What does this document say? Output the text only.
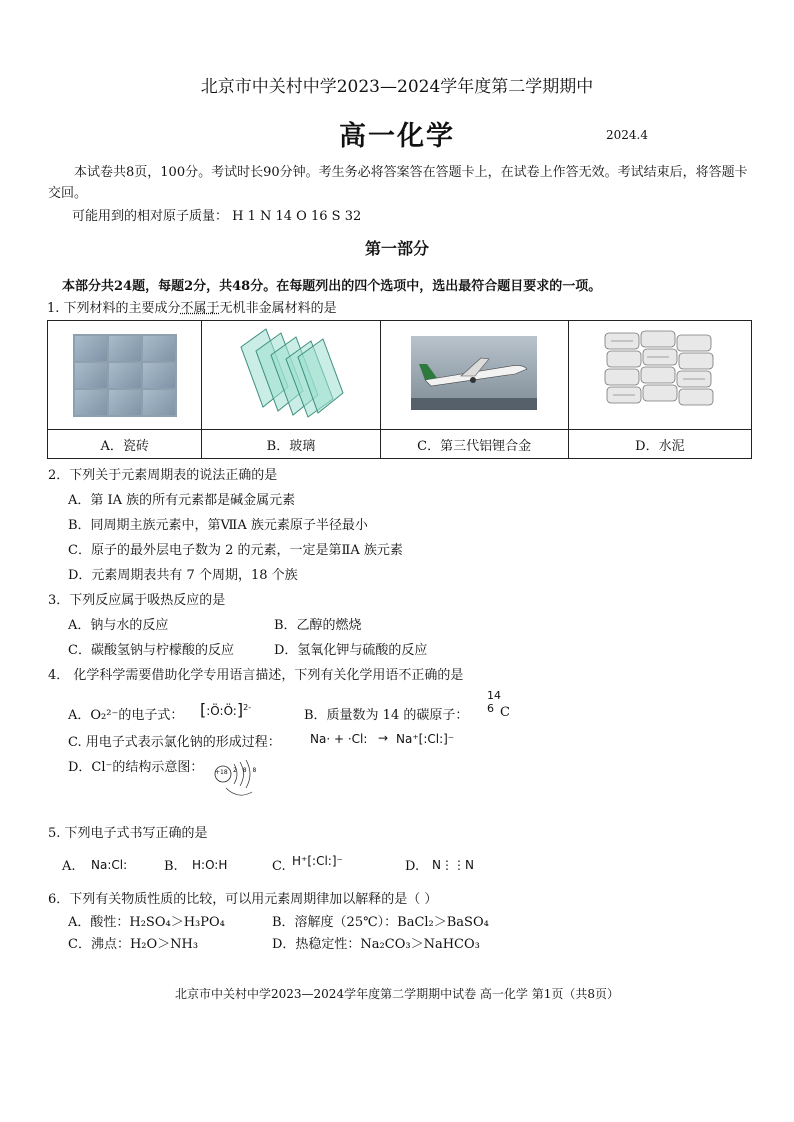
北京市中关村中学2023—2024学年度第二学期期中
高一化学	2024.4
本试卷共8页，100分。考试时长90分钟。考生务必将答案答在答题卡上，在试卷上作答无效。考试结束后，将答题卡交回。
可能用到的相对原子质量： H 1 N 14 O 16 S 32
第一部分
本部分共24题，每题2分，共48分。在每题列出的四个选项中，选出最符合题目要求的一项。
1. 下列材料的主要成分不属于无机非金属材料的是

A．瓷砖	B．玻璃	C．第三代铝锂合金	D．水泥
2．下列关于元素周期表的说法正确的是
A．第 IA 族的所有元素都是碱金属元素
B．同周期主族元素中，第ⅦA 族元素原子半径最小
C．原子的最外层电子数为 2 的元素，一定是第ⅡA 族元素
D．元素周期表共有 7 个周期，18 个族
3．下列反应属于吸热反应的是
A．钠与水的反应	B．乙醇的燃烧
C．碳酸氢钠与柠檬酸的反应	D．氢氧化钾与硫酸的反应
4． 化学科学需要借助化学专用语言描述，下列有关化学用语不正确的是
A．O₂²⁻的电子式： [:Ö:Ö:]$^{2-}$
B．质量数为 14 的碳原子：
14
6 C
C. 用电子式表示氯化钠的形成过程： Na· + ·Cl: → Na⁺[:Cl:]⁻
D．Cl⁻的结构示意图： +18 2 8 8
5. 下列电子式书写正确的是
A. Na:Cl:	B. H:O:H	C. H⁺[:Cl:]⁻	D. N⋮⋮N
6．下列有关物质性质的比较，可以用元素周期律加以解释的是（ ）
A．酸性：H₂SO₄＞H₃PO₄	B．溶解度（25℃）：BaCl₂＞BaSO₄
C．沸点：H₂O＞NH₃	D．热稳定性：Na₂CO₃＞NaHCO₃
北京市中关村中学2023—2024学年度第二学期期中试卷 高一化学 第1页（共8页）
